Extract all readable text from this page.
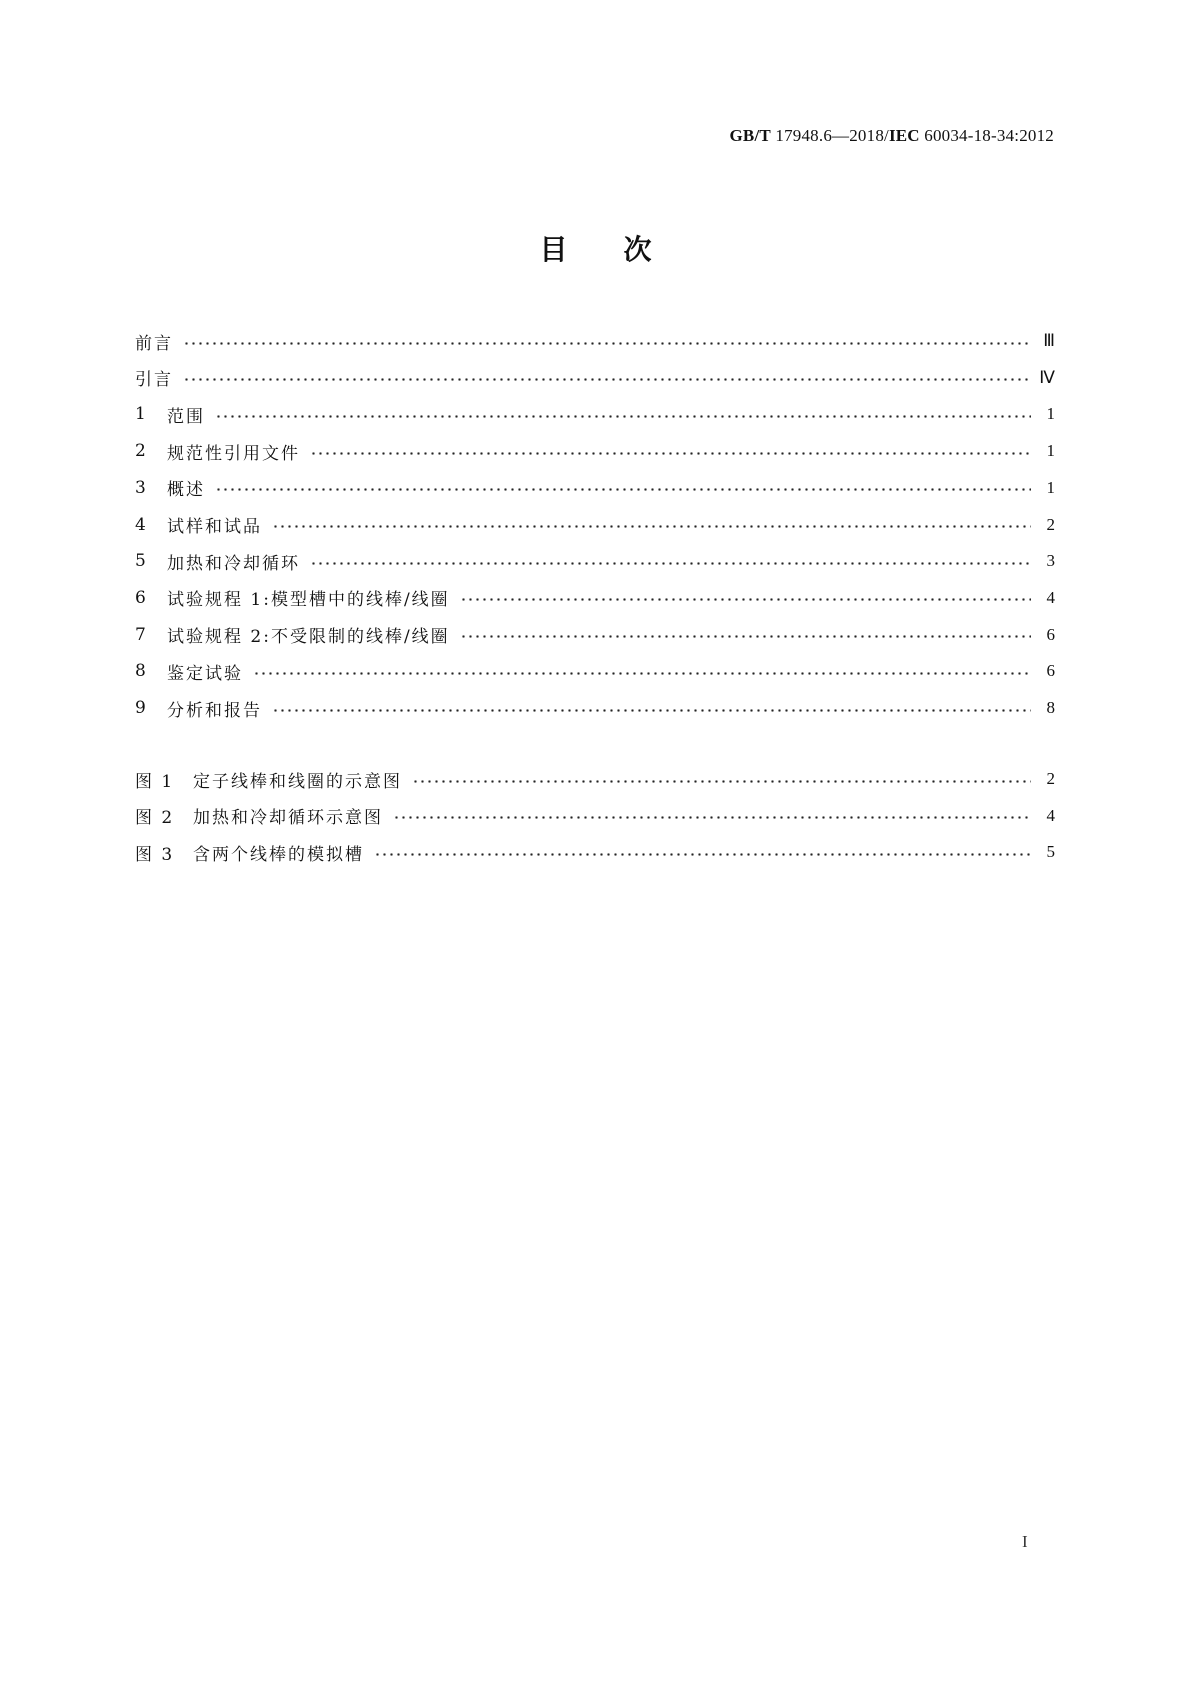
GB/T 17948.6—2018/IEC 60034-18-34:2012
目次
前言	Ⅲ
引言	Ⅳ
1	范围	1
2	规范性引用文件	1
3	概述	1
4	试样和试品	2
5	加热和冷却循环	3
6	试验规程 1:模型槽中的线棒/线圈	4
7	试验规程 2:不受限制的线棒/线圈	6
8	鉴定试验	6
9	分析和报告	8
图 1	定子线棒和线圈的示意图	2
图 2	加热和冷却循环示意图	4
图 3	含两个线棒的模拟槽	5
I
